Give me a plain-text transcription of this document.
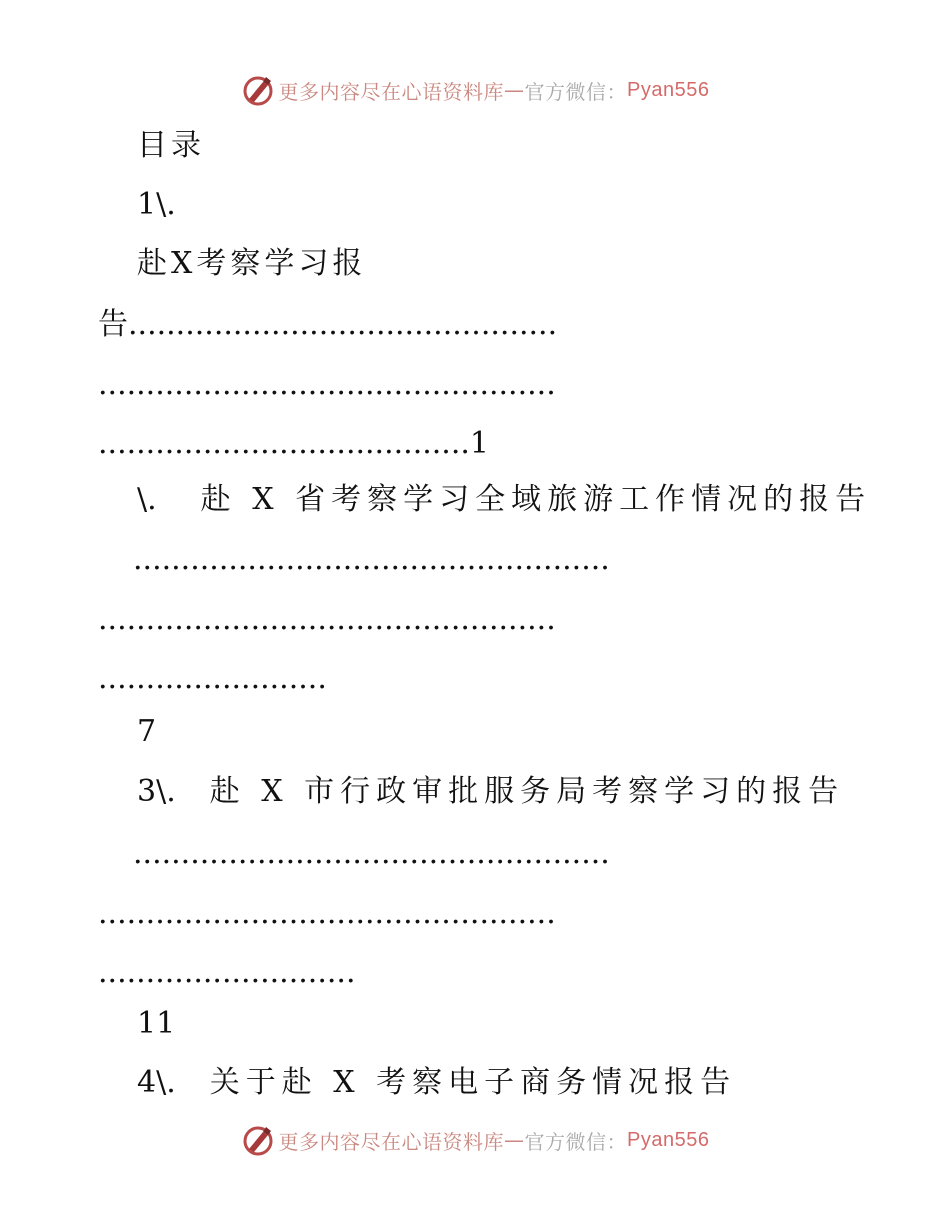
更多内容尽在心语资料库 — 官方微信： Pyan556
目录
1\.
赴X考察学习报
告.............................................
................................................
.......................................1
\. 赴 X 省考察学习全域旅游工作情况的报告
..................................................
................................................
........................
7
3\. 赴 X 市行政审批服务局考察学习的报告
..................................................
................................................
...........................
11
4\. 关于赴 X 考察电子商务情况报告
更多内容尽在心语资料库 — 官方微信： Pyan556
